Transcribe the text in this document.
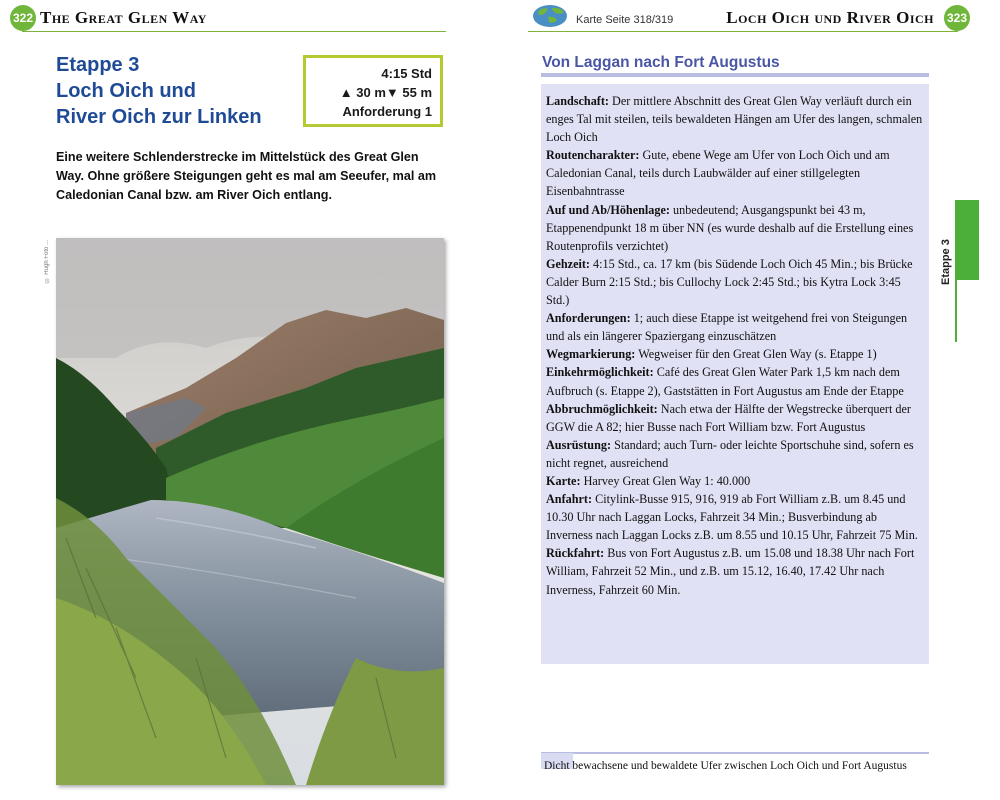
322 The Great Glen Way
Etappe 3
Loch Oich und
River Oich zur Linken
4:15 Std
▲ 30 m▼ 55 m
Anforderung 1
Eine weitere Schlenderstrecke im Mittelstück des Great Glen Way. Ohne größere Steigungen geht es mal am Seeufer, mal am Caledonian Canal bzw. am River Oich entlang.
© Hugh Foto ...
Karte Seite 318/319	Loch Oich und River Oich 323
Von Laggan nach Fort Augustus

Landschaft: Der mittlere Abschnitt des Great Glen Way verläuft durch ein enges Tal mit steilen, teils bewaldeten Hängen am Ufer des langen, schmalen Loch Oich

Routencharakter: Gute, ebene Wege am Ufer von Loch Oich und am Caledonian Canal, teils durch Laubwälder auf einer stillgelegten Eisenbahntrasse

Auf und Ab/Höhenlage: unbedeutend; Ausgangspunkt bei 43 m, Etappenendpunkt 18 m über NN (es wurde deshalb auf die Erstellung eines Routenprofils verzichtet)

Gehzeit: 4:15 Std., ca. 17 km (bis Südende Loch Oich 45 Min.; bis Brücke Calder Burn 2:15 Std.; bis Cullochy Lock 2:45 Std.; bis Kytra Lock 3:45 Std.)

Anforderungen: 1; auch diese Etappe ist weitgehend frei von Steigungen und als ein längerer Spaziergang einzuschätzen

Wegmarkierung: Wegweiser für den Great Glen Way (s. Etappe 1)

Einkehrmöglichkeit: Café des Great Glen Water Park 1,5 km nach dem Aufbruch (s. Etappe 2), Gaststätten in Fort Augustus am Ende der Etappe

Abbruchmöglichkeit: Nach etwa der Hälfte der Wegstrecke überquert der GGW die A 82; hier Busse nach Fort William bzw. Fort Augustus

Ausrüstung: Standard; auch Turn- oder leichte Sportschuhe sind, sofern es nicht regnet, ausreichend

Karte: Harvey Great Glen Way 1: 40.000

Anfahrt: Citylink-Busse 915, 916, 919 ab Fort William z.B. um 8.45 und 10.30 Uhr nach Laggan Locks, Fahrzeit 34 Min.; Busverbindung ab Inverness nach Laggan Locks z.B. um 8.55 und 10.15 Uhr, Fahrzeit 75 Min.

Rückfahrt: Bus von Fort Augustus z.B. um 15.08 und 18.38 Uhr nach Fort William, Fahrzeit 52 Min., und z.B. um 15.12, 16.40, 17.42 Uhr nach Inverness, Fahrzeit 60 Min.

Etappe 3
Dicht bewachsene und bewaldete Ufer zwischen Loch Oich und Fort Augustus
